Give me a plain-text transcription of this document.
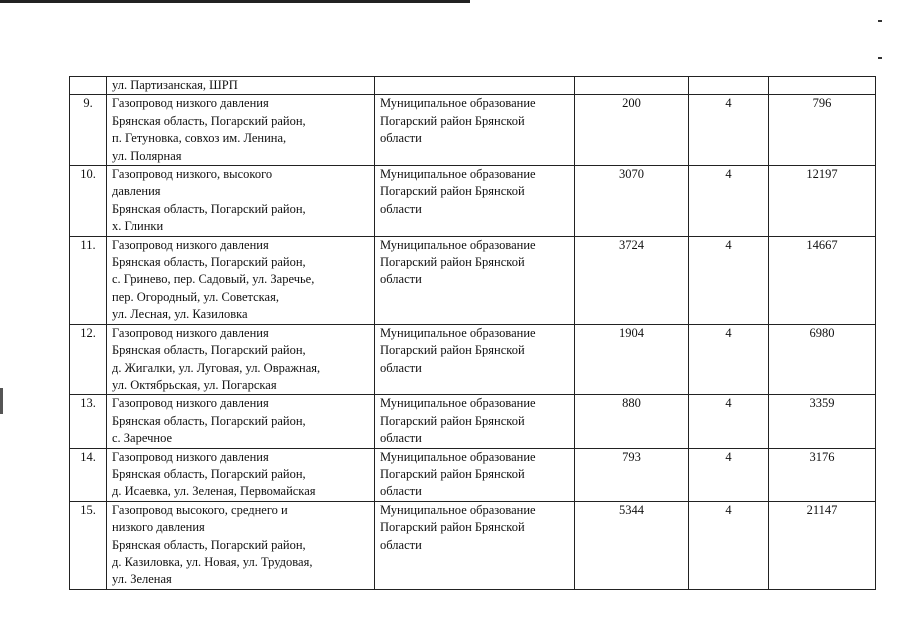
	ул. Партизанская, ШРП				

9.	Газопровод низкого давления
Брянская область, Погарский район,
п. Гетуновка, совхоз им. Ленина,
ул. Полярная	Муниципальное образование
Погарский район Брянской
области	200	4	796
10.	Газопровод низкого, высокого
давления
Брянская область, Погарский район,
х. Глинки	Муниципальное образование
Погарский район Брянской
области	3070	4	12197
11.	Газопровод низкого давления
Брянская область, Погарский район,
с. Гринево, пер. Садовый, ул. Заречье,
пер. Огородный, ул. Советская,
ул. Лесная, ул. Казиловка	Муниципальное образование
Погарский район Брянской
области	3724	4	14667
12.	Газопровод низкого давления
Брянская область, Погарский район,
д. Жигалки, ул. Луговая, ул. Овражная,
ул. Октябрьская, ул. Погарская	Муниципальное образование
Погарский район Брянской
области	1904	4	6980
13.	Газопровод низкого давления
Брянская область, Погарский район,
с. Заречное	Муниципальное образование
Погарский район Брянской
области	880	4	3359
14.	Газопровод низкого давления
Брянская область, Погарский район,
д. Исаевка, ул. Зеленая, Первомайская	Муниципальное образование
Погарский район Брянской
области	793	4	3176
15.	Газопровод высокого, среднего и
низкого давления
Брянская область, Погарский район,
д. Казиловка, ул. Новая, ул. Трудовая,
ул. Зеленая	Муниципальное образование
Погарский район Брянской
области	5344	4	21147
